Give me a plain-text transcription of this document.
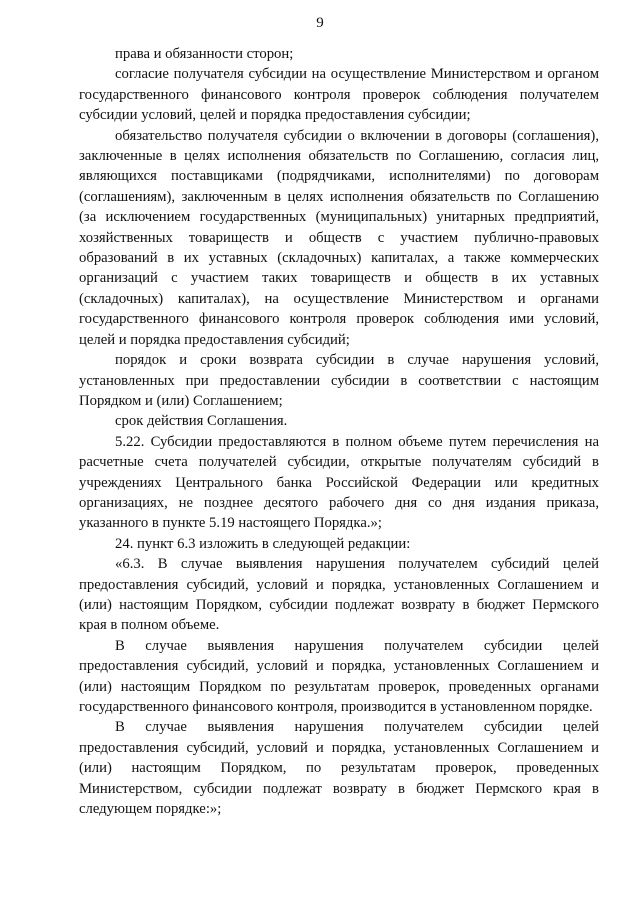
9

права и обязанности сторон;

согласие получателя субсидии на осуществление Министерством и органом государственного финансового контроля проверок соблюдения получателем субсидии условий, целей и порядка предоставления субсидии;

обязательство получателя субсидии о включении в договоры (соглашения), заключенные в целях исполнения обязательств по Соглашению, согласия лиц, являющихся поставщиками (подрядчиками, исполнителями) по договорам (соглашениям), заключенным в целях исполнения обязательств по Соглашению (за исключением государственных (муниципальных) унитарных предприятий, хозяйственных товариществ и обществ с участием публично-правовых образований в их уставных (складочных) капиталах, а также коммерческих организаций с участием таких товариществ и обществ в их уставных (складочных) капиталах), на осуществление Министерством и органами государственного финансового контроля проверок соблюдения ими условий, целей и порядка предоставления субсидий;

порядок и сроки возврата субсидии в случае нарушения условий, установленных при предоставлении субсидии в соответствии с настоящим Порядком и (или) Соглашением;

срок действия Соглашения.

5.22. Субсидии предоставляются в полном объеме путем перечисления на расчетные счета получателей субсидии, открытые получателям субсидий в учреждениях Центрального банка Российской Федерации или кредитных организациях, не позднее десятого рабочего дня со дня издания приказа, указанного в пункте 5.19 настоящего Порядка.»;

24. пункт 6.3 изложить в следующей редакции:

«6.3. В случае выявления нарушения получателем субсидий целей предоставления субсидий, условий и порядка, установленных Соглашением и (или) настоящим Порядком, субсидии подлежат возврату в бюджет Пермского края в полном объеме.

В случае выявления нарушения получателем субсидии целей предоставления субсидий, условий и порядка, установленных Соглашением и (или) настоящим Порядком по результатам проверок, проведенных органами государственного финансового контроля, производится в установленном порядке.

В случае выявления нарушения получателем субсидии целей предоставления субсидий, условий и порядка, установленных Соглашением и (или) настоящим Порядком, по результатам проверок, проведенных Министерством, субсидии подлежат возврату в бюджет Пермского края в следующем порядке:»;
